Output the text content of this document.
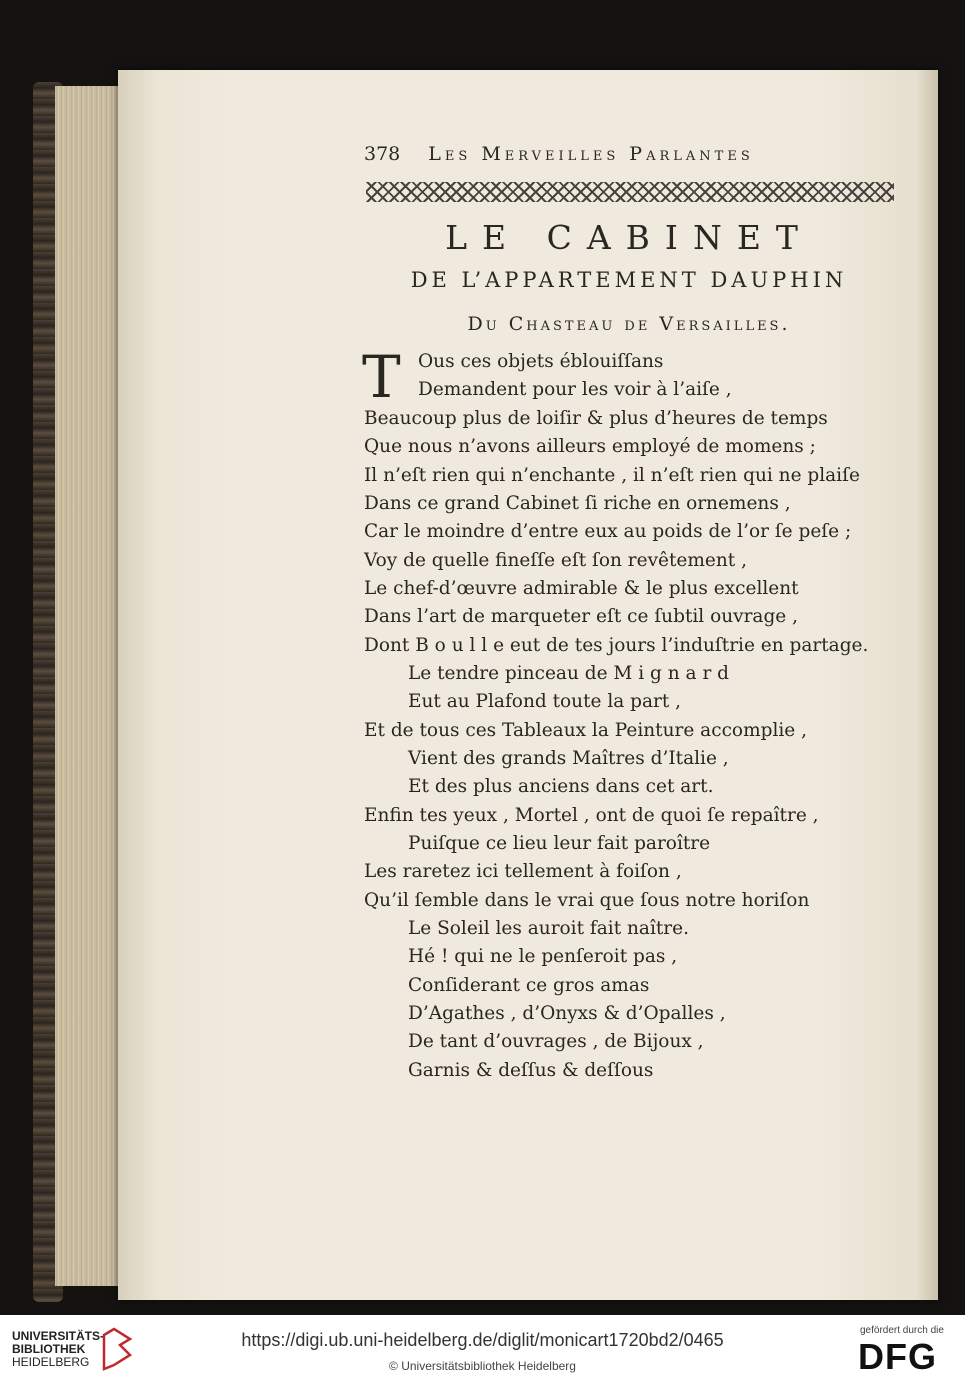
378 Les Merveilles Parlantes
LE CABINET
DE L’APPARTEMENT DAUPHIN
Du Chasteau de Versailles.
T Ous ces objets éblouiſſans
Demandent pour les voir à l’aiſe ,
Beaucoup plus de loiſir & plus d’heures de temps
Que nous n’avons ailleurs employé de momens ;
Il n’eſt rien qui n’enchante , il n’eſt rien qui ne plaiſe
Dans ce grand Cabinet ſi riche en ornemens ,
Car le moindre d’entre eux au poids de l’or ſe peſe ;
Voy de quelle fineſſe eſt ſon revêtement ,
Le chef-d’œuvre admirable & le plus excellent
Dans l’art de marqueter eſt ce ſubtil ouvrage ,
Dont B o u l l e eut de tes jours l’induſtrie en partage.
Le tendre pinceau de M i g n a r d
Eut au Plafond toute la part ,
Et de tous ces Tableaux la Peinture accomplie ,
Vient des grands Maîtres d’Italie ,
Et des plus anciens dans cet art.
Enfin tes yeux , Mortel , ont de quoi ſe repaître ,
Puiſque ce lieu leur fait paroître
Les raretez ici tellement à foiſon ,
Qu’il ſemble dans le vrai que ſous notre horiſon
Le Soleil les auroit fait naître.
Hé ! qui ne le penſeroit pas ,
Conſiderant ce gros amas
D’Agathes , d’Onyxs & d’Opalles ,
De tant d’ouvrages , de Bijoux ,
Garnis & deſſus & deſſous
UNIVERSITÄTS-
BIBLIOTHEK
HEIDELBERG
https://digi.ub.uni-heidelberg.de/diglit/monicart1720bd2/0465
© Universitätsbibliothek Heidelberg
gefördert durch die
DFG
